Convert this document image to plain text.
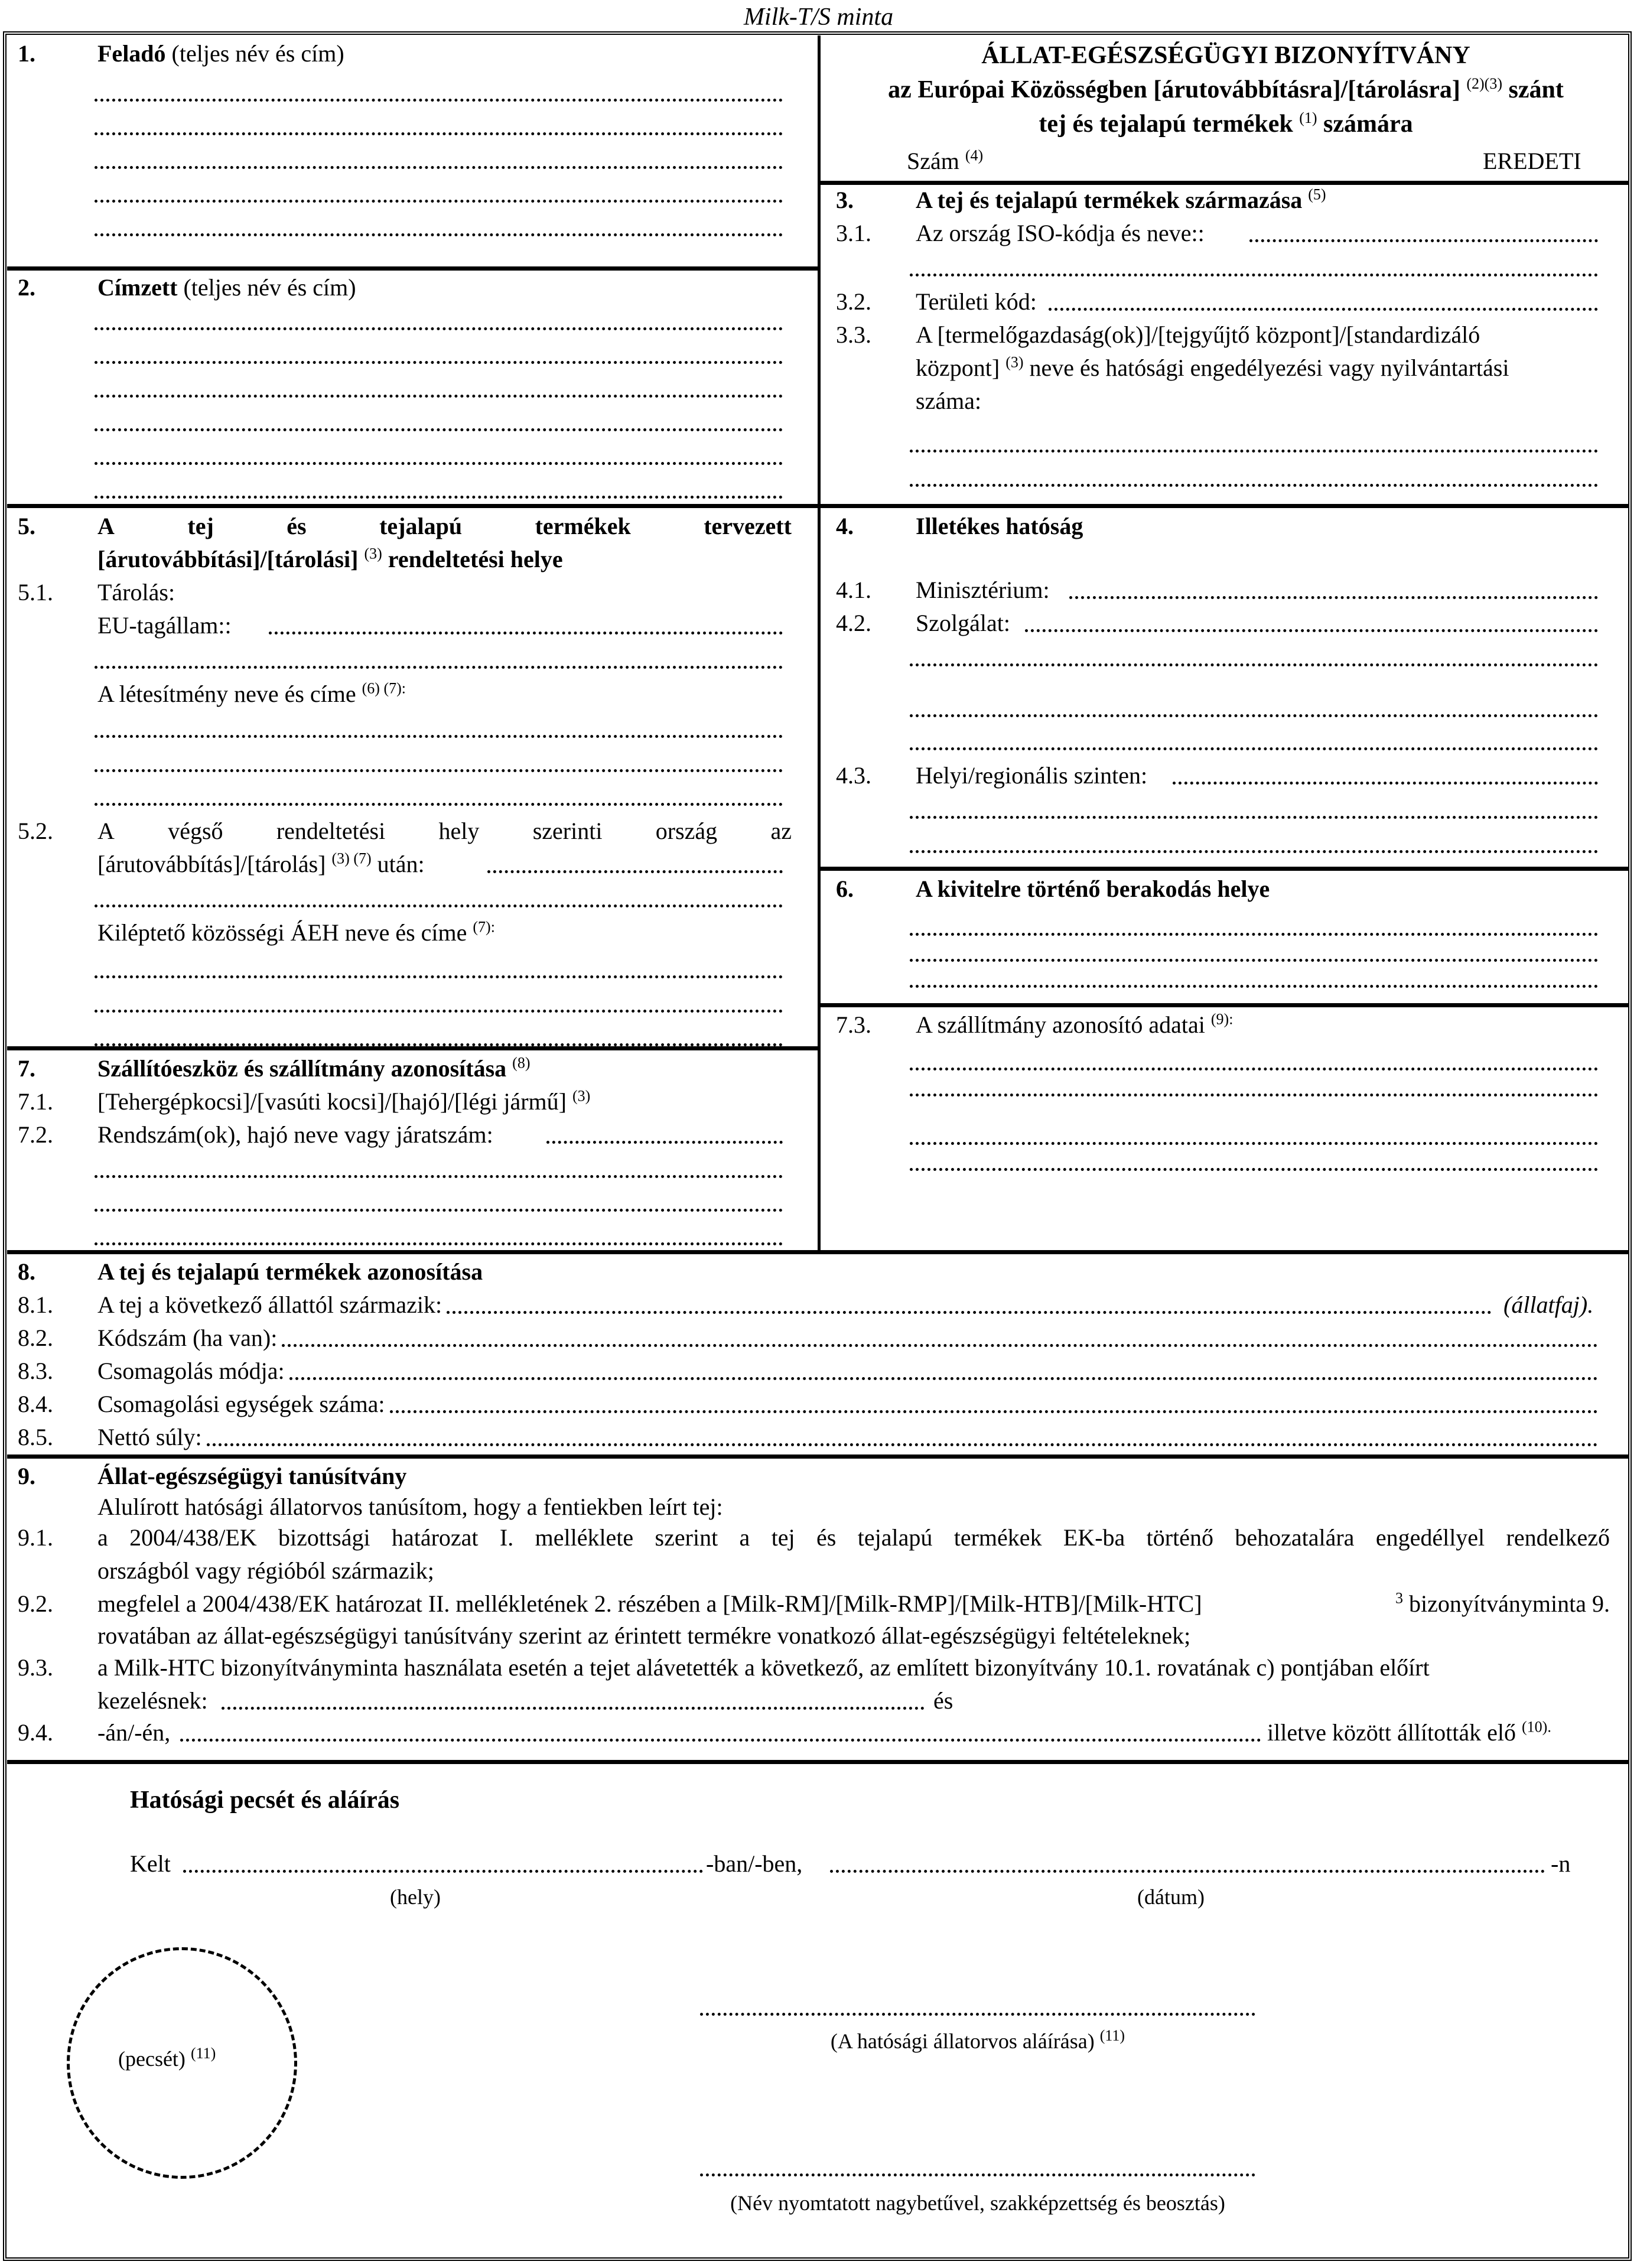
Milk-T/S minta
1.	Feladó (teljes név és cím)
2.	Címzett (teljes név és cím)
ÁLLAT-EGÉSZSÉGÜGYI BIZONYÍTVÁNY
az Európai Közösségben [árutovábbításra]/[tárolásra] $^{(2)(3)}$ szánt
tej és tejalapú termékek $^{(1)}$ számára
Szám $^{(4)}$	EREDETI
3.	A tej és tejalapú termékek származása $^{(5)}$
3.1. Az ország ISO-kódja és neve::
3.2. Területi kód:
3.3. A [termelőgazdaság(ok)]/[tejgyűjtő központ]/[standardizáló
központ] $^{(3)}$ neve és hatósági engedélyezési vagy nyilvántartási
száma:
5.	A	tej	és	tejalapú	termékek	tervezett
[árutovábbítási]/[tárolási] $^{(3)}$ rendeltetési helye
5.1. Tárolás:
EU-tagállam::
A létesítmény neve és címe $^{(6) (7):}$
5.2. A végső rendeltetési hely szerinti ország az
[árutovábbítás]/[tárolás] $^{(3) (7)}$ után:
Kiléptető közösségi ÁEH neve és címe $^{(7):}$
4.	Illetékes hatóság
4.1. Minisztérium:
4.2. Szolgálat:
4.3. Helyi/regionális szinten:
6.	A kivitelre történő berakodás helye
7.	Szállítóeszköz és szállítmány azonosítása $^{(8)}$
7.1. [Tehergépkocsi]/[vasúti kocsi]/[hajó]/[légi jármű] $^{(3)}$
7.2. Rendszám(ok), hajó neve vagy járatszám:
7.3. A szállítmány azonosító adatai $^{(9):}$
8.	A tej és tejalapú termékek azonosítása
8.1. A tej a következő állattól származik:	(állatfaj).
8.2. Kódszám (ha van):
8.3. Csomagolás módja:
8.4. Csomagolási egységek száma:
8.5. Nettó súly:
9.	Állat-egészségügyi tanúsítvány
Alulírott hatósági állatorvos tanúsítom, hogy a fentiekben leírt tej:
9.1. a 2004/438/EK bizottsági határozat I. melléklete szerint a tej és tejalapú termékek EK-ba történő behozatalára engedéllyel rendelkező
országból vagy régióból származik;
9.2. megfelel a 2004/438/EK határozat II. mellékletének 2. részében a [Milk-RM]/[Milk-RMP]/[Milk-HTB]/[Milk-HTC]	$^3$ bizonyítványminta 9.
rovatában az állat-egészségügyi tanúsítvány szerint az érintett termékre vonatkozó állat-egészségügyi feltételeknek;
9.3. a Milk-HTC bizonyítványminta használata esetén a tejet alávetették a következő, az említett bizonyítvány 10.1. rovatának c) pontjában előírt
kezelésnek:	és
9.4. -án/-én,	illetve között állították elő $^{(10).}$
Hatósági pecsét és aláírás
Kelt	-ban/-ben,	-n
(hely)	(dátum)
(pecsét) $^{(11)}$
(A hatósági állatorvos aláírása) $^{(11)}$
(Név nyomtatott nagybetűvel, szakképzettség és beosztás)
